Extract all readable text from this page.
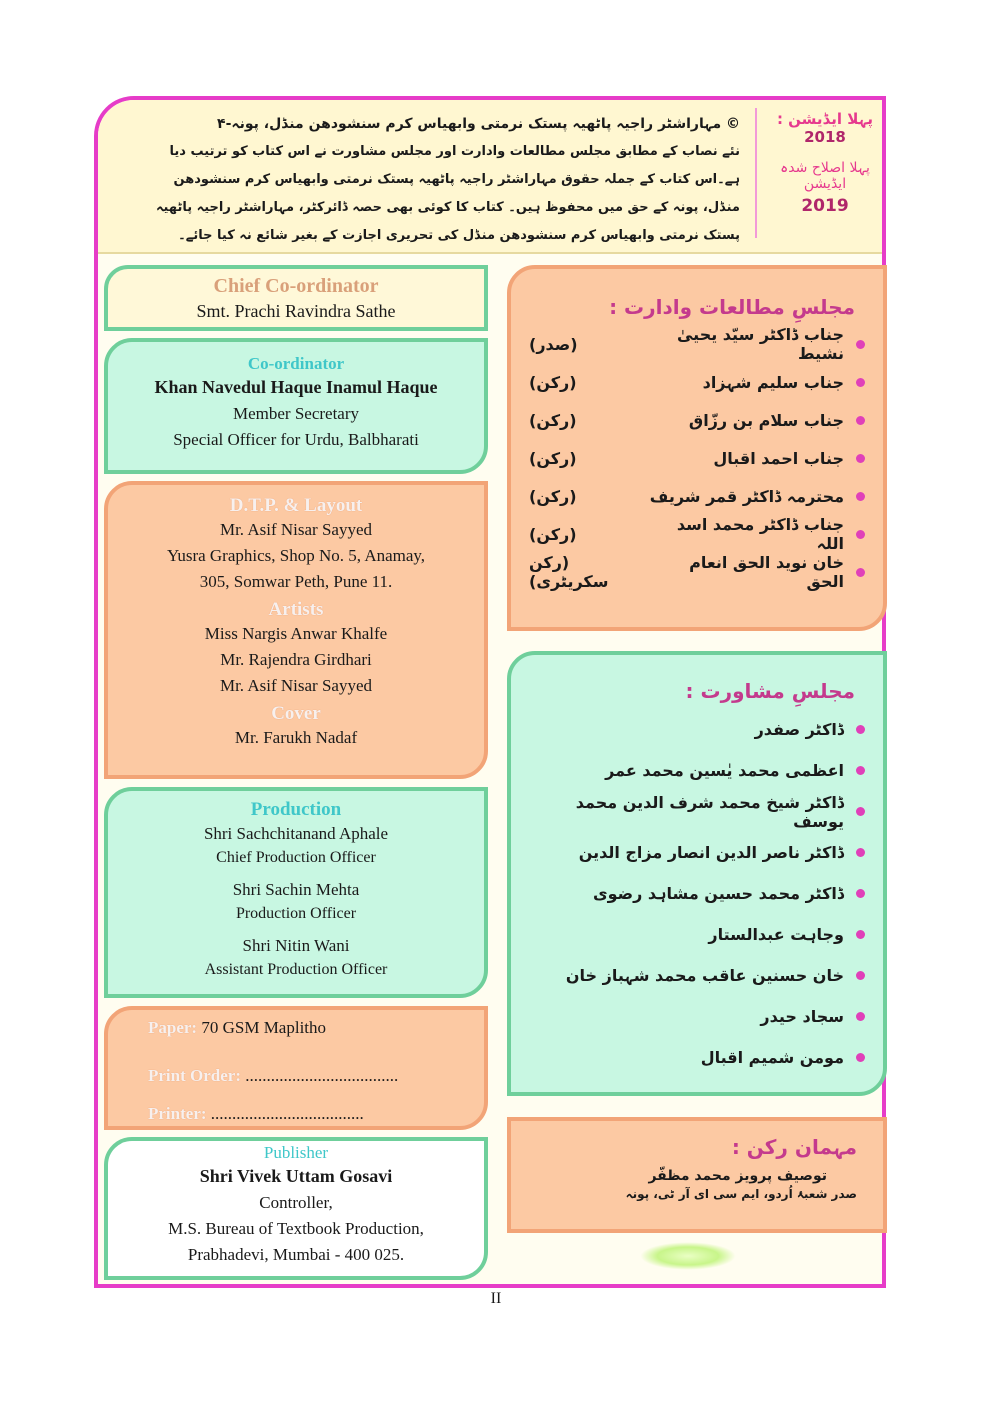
پہلا ایڈیشن : 2018
پہلا اصلاح شدہ ایڈیشن
2019
© مہاراشٹر راجیہ پاٹھیہ پستک نرمتی وابھیاس کرم سنشودھن منڈل، پونہ-۴
نئے نصاب کے مطابق مجلس مطالعات وادارت اور مجلس مشاورت نے اس کتاب کو ترتیب دیا ہے۔اس کتاب کے جملہ حقوق مہاراشٹر راجیہ پاٹھیہ پستک نرمتی وابھیاس کرم سنشودھن منڈل، پونہ کے حق میں محفوظ ہیں۔ کتاب کا کوئی بھی حصہ ڈائرکٹر، مہاراشٹر راجیہ پاٹھیہ پستک نرمتی وابھیاس کرم سنشودھن منڈل کی تحریری اجازت کے بغیر شائع نہ کیا جائے۔
Chief Co-ordinator
Smt. Prachi Ravindra Sathe
Co-ordinator
Khan Navedul Haque Inamul Haque
Member Secretary
Special Officer for Urdu, Balbharati
D.T.P. & Layout
Mr. Asif Nisar Sayyed
Yusra Graphics, Shop No. 5, Anamay,
305, Somwar Peth, Pune 11.
Artists
Miss Nargis Anwar Khalfe
Mr. Rajendra Girdhari
Mr. Asif Nisar Sayyed
Cover
Mr. Farukh Nadaf
Production
Shri Sachchitanand Aphale
Chief Production Officer
Shri Sachin Mehta
Production Officer
Shri Nitin Wani
Assistant Production Officer
Paper: 70 GSM Maplitho
Print Order: ....................................
Printer: ....................................
Publisher
Shri Vivek Uttam Gosavi
Controller,
M.S. Bureau of Textbook Production,
Prabhadevi, Mumbai - 400 025.
مجلسِ مطالعات وادارت :
جناب ڈاکٹر سیّد یحییٰ نشیط
(صدر)
جناب سلیم شہزاد
(رکن)
جناب سلام بن رزّاق
(رکن)
جناب احمد اقبال
(رکن)
محترمہ ڈاکٹر قمر شریف
(رکن)
جناب ڈاکٹر محمد اسد اللہ
(رکن)
خان نوید الحق انعام الحق
(رکن سکریٹری)
مجلسِ مشاورت :
ڈاکٹر صفدر
اعظمی محمد یٰسین محمد عمر
ڈاکٹر شیخ محمد شرف الدین محمد یوسف
ڈاکٹر ناصر الدین انصار مزاج الدین
ڈاکٹر محمد حسین مشاہد رضوی
وجاہت عبدالستار
خان حسنین عاقب محمد شہباز خان
سجاد حیدر
مومن شمیم اقبال
مہمان رکن :
توصیف پرویز محمد مظفّر
صدر شعبۂ اُردو، ایم سی ای آر ٹی، پونہ
II
